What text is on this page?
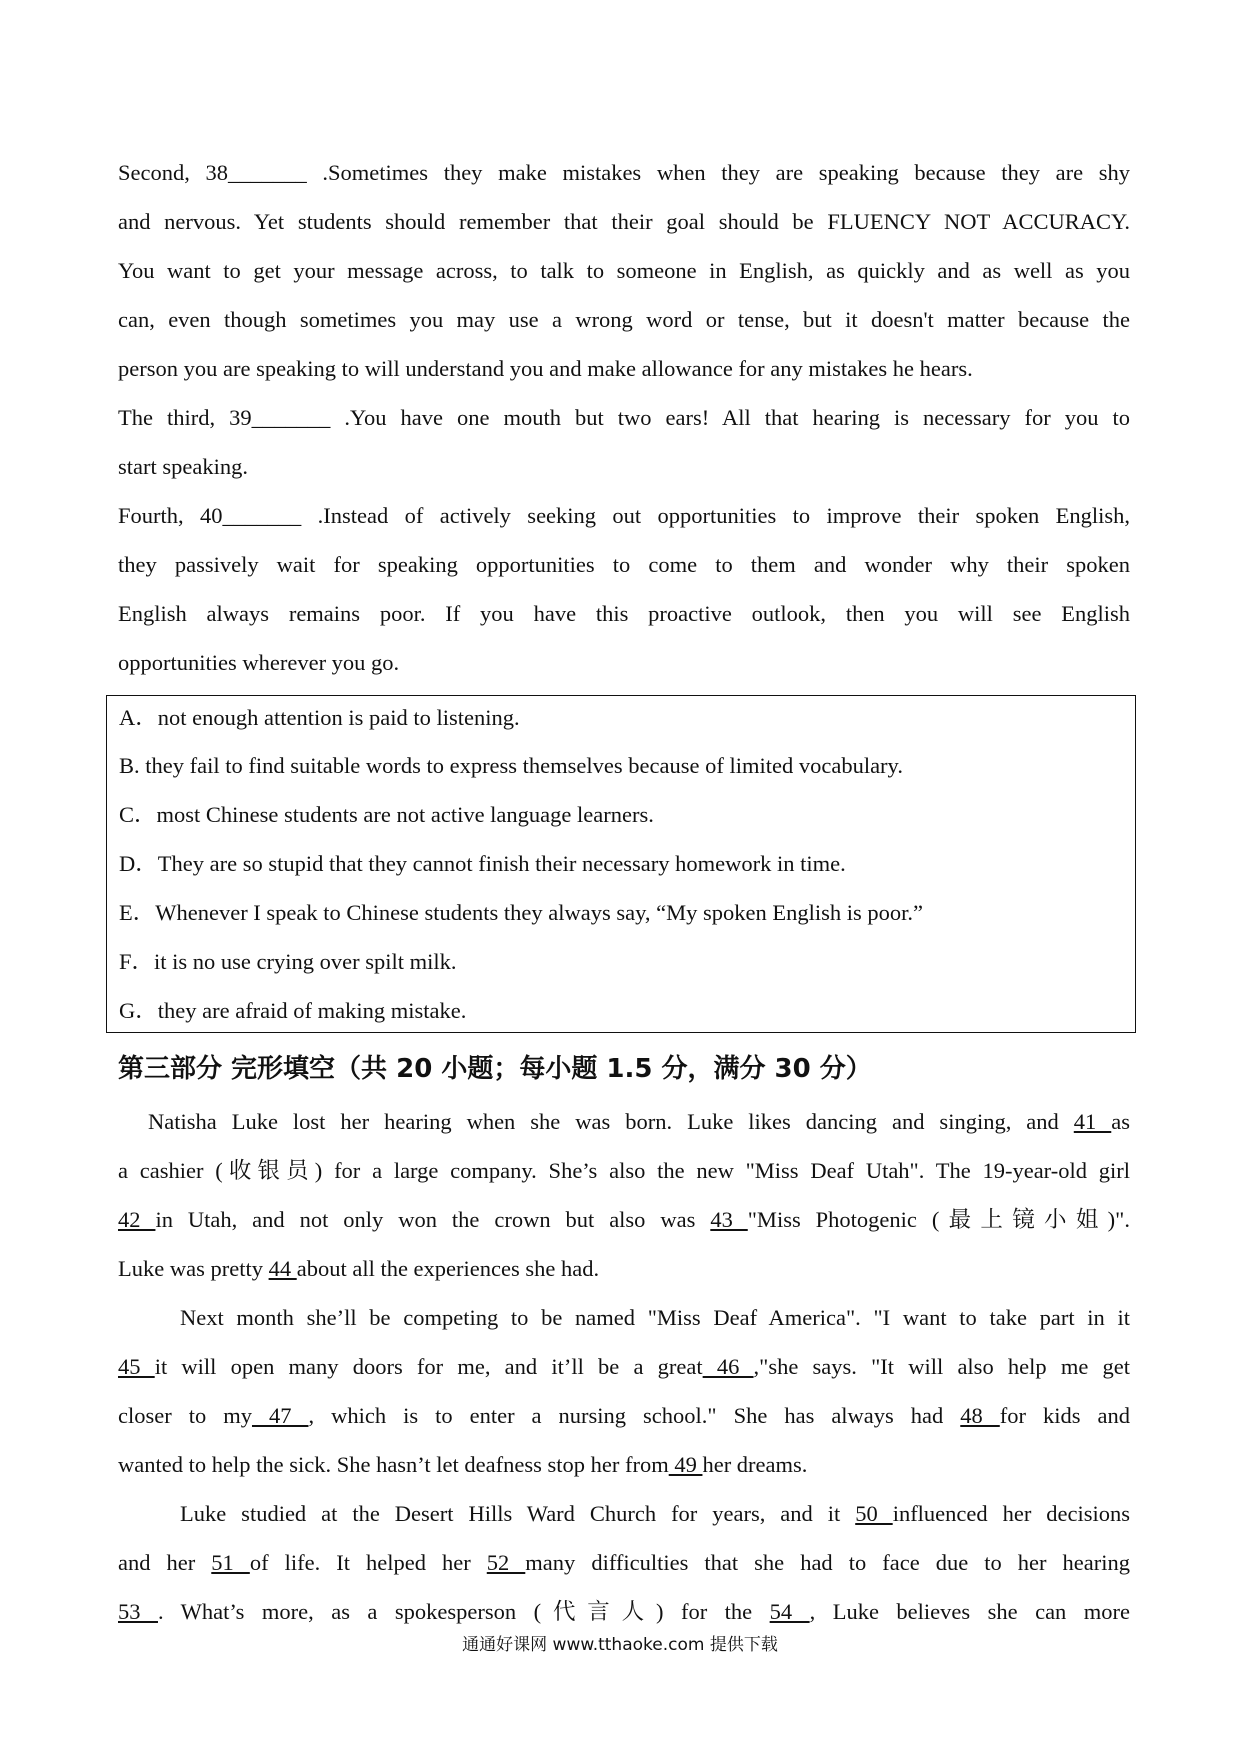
Second, 38_______ .Sometimes they make mistakes when they are speaking because they are shy
and nervous. Yet students should remember that their goal should be FLUENCY NOT ACCURACY.
You want to get your message across, to talk to someone in English, as quickly and as well as you
can, even though sometimes you may use a wrong word or tense, but it doesn't matter because the
person you are speaking to will understand you and make allowance for any mistakes he hears.
The third, 39_______ .You have one mouth but two ears! All that hearing is necessary for you to
start speaking.
Fourth, 40_______ .Instead of actively seeking out opportunities to improve their spoken English,
they passively wait for speaking opportunities to come to them and wonder why their spoken
English always remains poor. If you have this proactive outlook, then you will see English
opportunities wherever you go.

A．not enough attention is paid to listening.
B. they fail to find suitable words to express themselves because of limited vocabulary.
C．most Chinese students are not active language learners.
D．They are so stupid that they cannot finish their necessary homework in time.
E．Whenever I speak to Chinese students they always say, “My spoken English is poor.”
F．it is no use crying over spilt milk.
G．they are afraid of making mistake.
第三部分 完形填空（共 20 小题；每小题 1.5 分，满分 30 分）

Natisha Luke lost her hearing when she was born. Luke likes dancing and singing, and 41 as
a cashier (收银员) for a large company. She’s also the new "Miss Deaf Utah". The 19-year-old girl
42 in Utah, and not only won the crown but also was 43 "Miss Photogenic (最上镜小姐)".
Luke was pretty 44 about all the experiences she had.

Next month she’ll be competing to be named "Miss Deaf America". "I want to take part in it
45 it will open many doors for me, and it’ll be a great 46 ,"she says. "It will also help me get
closer to my 47 , which is to enter a nursing school." She has always had 48 for kids and
wanted to help the sick. She hasn’t let deafness stop her from 49 her dreams.

Luke studied at the Desert Hills Ward Church for years, and it 50 influenced her decisions
and her 51 of life. It helped her 52 many difficulties that she had to face due to her hearing
53 . What’s more, as a spokesperson (代言人) for the 54 , Luke believes she can more

通通好课网 www.tthaoke.com 提供下载
